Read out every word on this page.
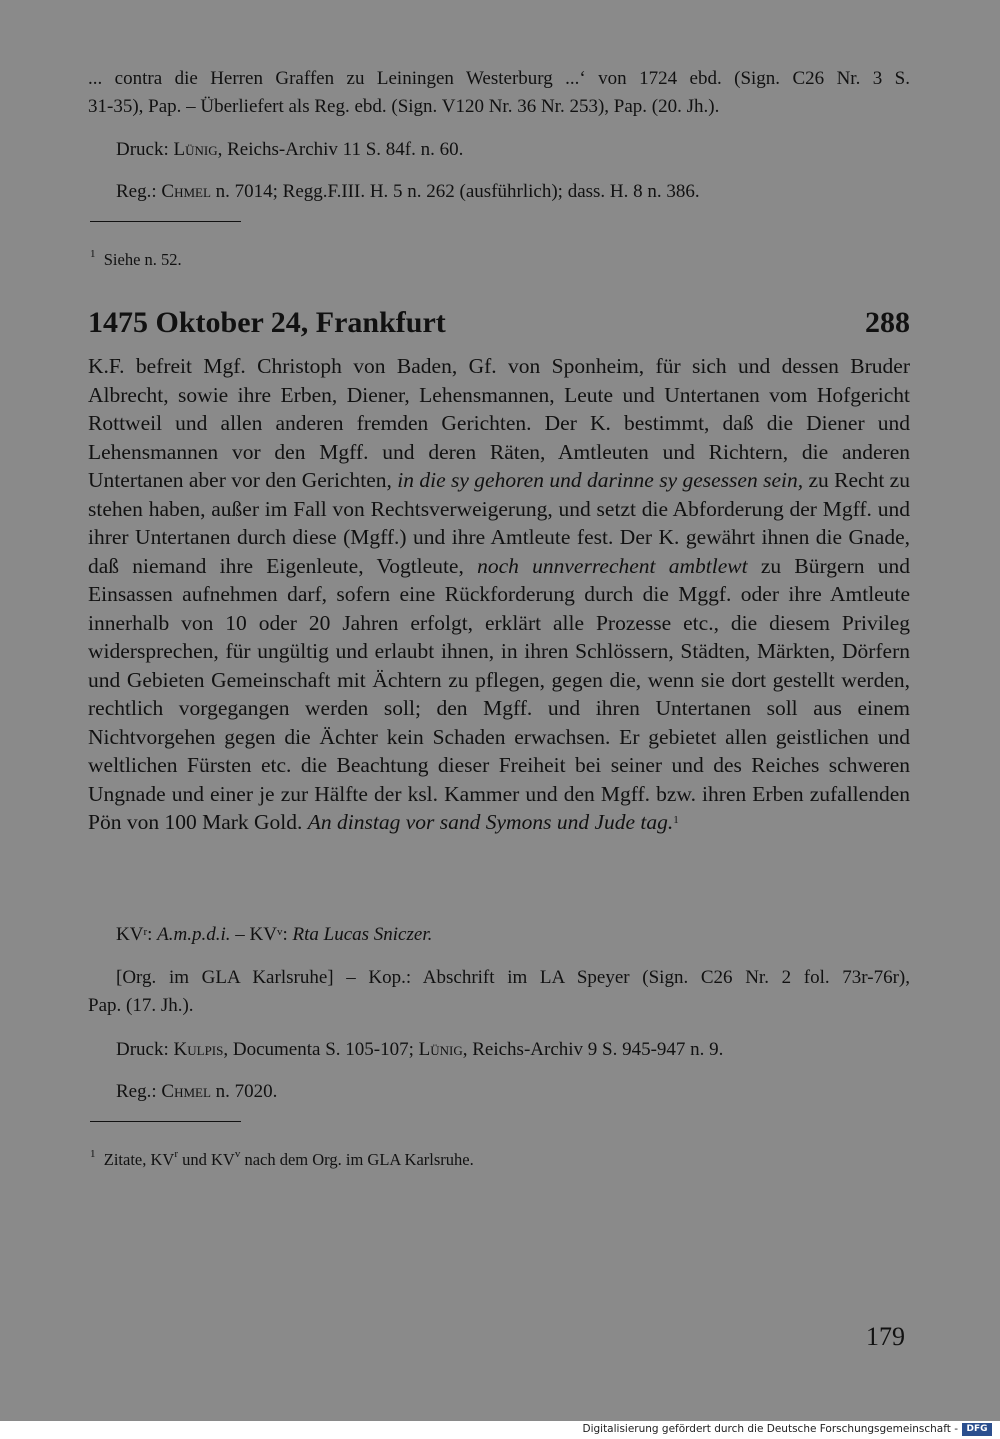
... contra die Herren Graffen zu Leiningen Westerburg ...‘ von 1724 ebd. (Sign. C26 Nr. 3 S.

31-35), Pap. – Überliefert als Reg. ebd. (Sign. V120 Nr. 36 Nr. 253), Pap. (20. Jh.).

Druck: Lünig, Reichs-Archiv 11 S. 84f. n. 60.

Reg.: Chmel n. 7014; Regg.F.III. H. 5 n. 262 (ausführlich); dass. H. 8 n. 386.

$^1$ Siehe n. 52.

1475 Oktober 24, Frankfurt	288

K.F. befreit Mgf. Christoph von Baden, Gf. von Sponheim, für sich und dessen Bruder Albrecht, sowie ihre Erben, Diener, Lehensmannen, Leute und Untertanen vom Hofgericht Rottweil und allen anderen fremden Gerichten. Der K. bestimmt, daß die Diener und Lehensmannen vor den Mgff. und deren Räten, Amtleuten und Richtern, die anderen Untertanen aber vor den Gerichten, in die sy gehoren und darinne sy gesessen sein, zu Recht zu stehen haben, außer im Fall von Rechtsverweigerung, und setzt die Abforderung der Mgff. und ihrer Untertanen durch diese (Mgff.) und ihre Amtleute fest. Der K. gewährt ihnen die Gnade, daß niemand ihre Eigenleute, Vogtleute, noch unnverrechent ambtlewt zu Bürgern und Einsassen aufnehmen darf, sofern eine Rückforderung durch die Mggf. oder ihre Amtleute innerhalb von 10 oder 20 Jahren erfolgt, erklärt alle Prozesse etc., die diesem Privileg widersprechen, für ungültig und erlaubt ihnen, in ihren Schlössern, Städten, Märkten, Dörfern und Gebieten Gemeinschaft mit Ächtern zu pflegen, gegen die, wenn sie dort gestellt werden, rechtlich vorgegangen werden soll; den Mgff. und ihren Untertanen soll aus einem Nichtvorgehen gegen die Ächter kein Schaden erwachsen. Er gebietet allen geistlichen und weltlichen Fürsten etc. die Beachtung dieser Freiheit bei seiner und des Reiches schweren Ungnade und einer je zur Hälfte der ksl. Kammer und den Mgff. bzw. ihren Erben zufallenden Pön von 100 Mark Gold. An dinstag vor sand Symons und Jude tag.$^1$

$KV^r$: A.m.p.d.i. – $KV^v$: Rta Lucas Sniczer.

[Org. im GLA Karlsruhe] – Kop.: Abschrift im LA Speyer (Sign. C26 Nr. 2 fol. 73r-76r),

Pap. (17. Jh.).

Druck: Kulpis, Documenta S. 105-107; Lünig, Reichs-Archiv 9 S. 945-947 n. 9.

Reg.: Chmel n. 7020.

$^1$ Zitate, $KV^r$ und $KV^v$ nach dem Org. im GLA Karlsruhe.

179
Digitalisierung gefördert durch die Deutsche Forschungsgemeinschaft - DFG
